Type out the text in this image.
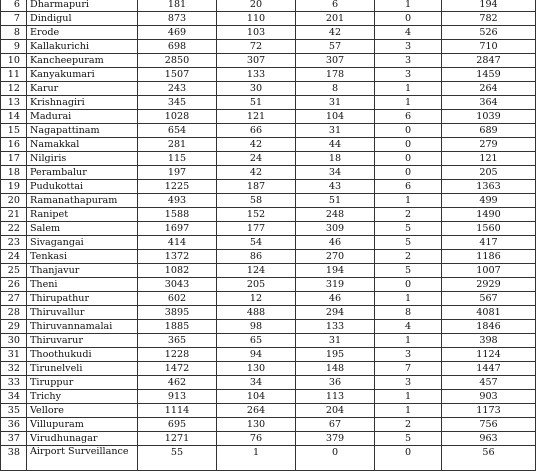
6	Dharmapuri	181	20	6	1	194
7	Dindigul	873	110	201	0	782
8	Erode	469	103	42	4	526
9	Kallakurichi	698	72	57	3	710
10	Kancheepuram	2850	307	307	3	2847
11	Kanyakumari	1507	133	178	3	1459
12	Karur	243	30	8	1	264
13	Krishnagiri	345	51	31	1	364
14	Madurai	1028	121	104	6	1039
15	Nagapattinam	654	66	31	0	689
16	Namakkal	281	42	44	0	279
17	Nilgiris	115	24	18	0	121
18	Perambalur	197	42	34	0	205
19	Pudukottai	1225	187	43	6	1363
20	Ramanathapuram	493	58	51	1	499
21	Ranipet	1588	152	248	2	1490
22	Salem	1697	177	309	5	1560
23	Sivagangai	414	54	46	5	417
24	Tenkasi	1372	86	270	2	1186
25	Thanjavur	1082	124	194	5	1007
26	Theni	3043	205	319	0	2929
27	Thirupathur	602	12	46	1	567
28	Thiruvallur	3895	488	294	8	4081
29	Thiruvannamalai	1885	98	133	4	1846
30	Thiruvarur	365	65	31	1	398
31	Thoothukudi	1228	94	195	3	1124
32	Tirunelveli	1472	130	148	7	1447
33	Tiruppur	462	34	36	3	457
34	Trichy	913	104	113	1	903
35	Vellore	1114	264	204	1	1173
36	Villupuram	695	130	67	2	756
37	Virudhunagar	1271	76	379	5	963
38	Airport Surveillance	55	1	0	0	56
